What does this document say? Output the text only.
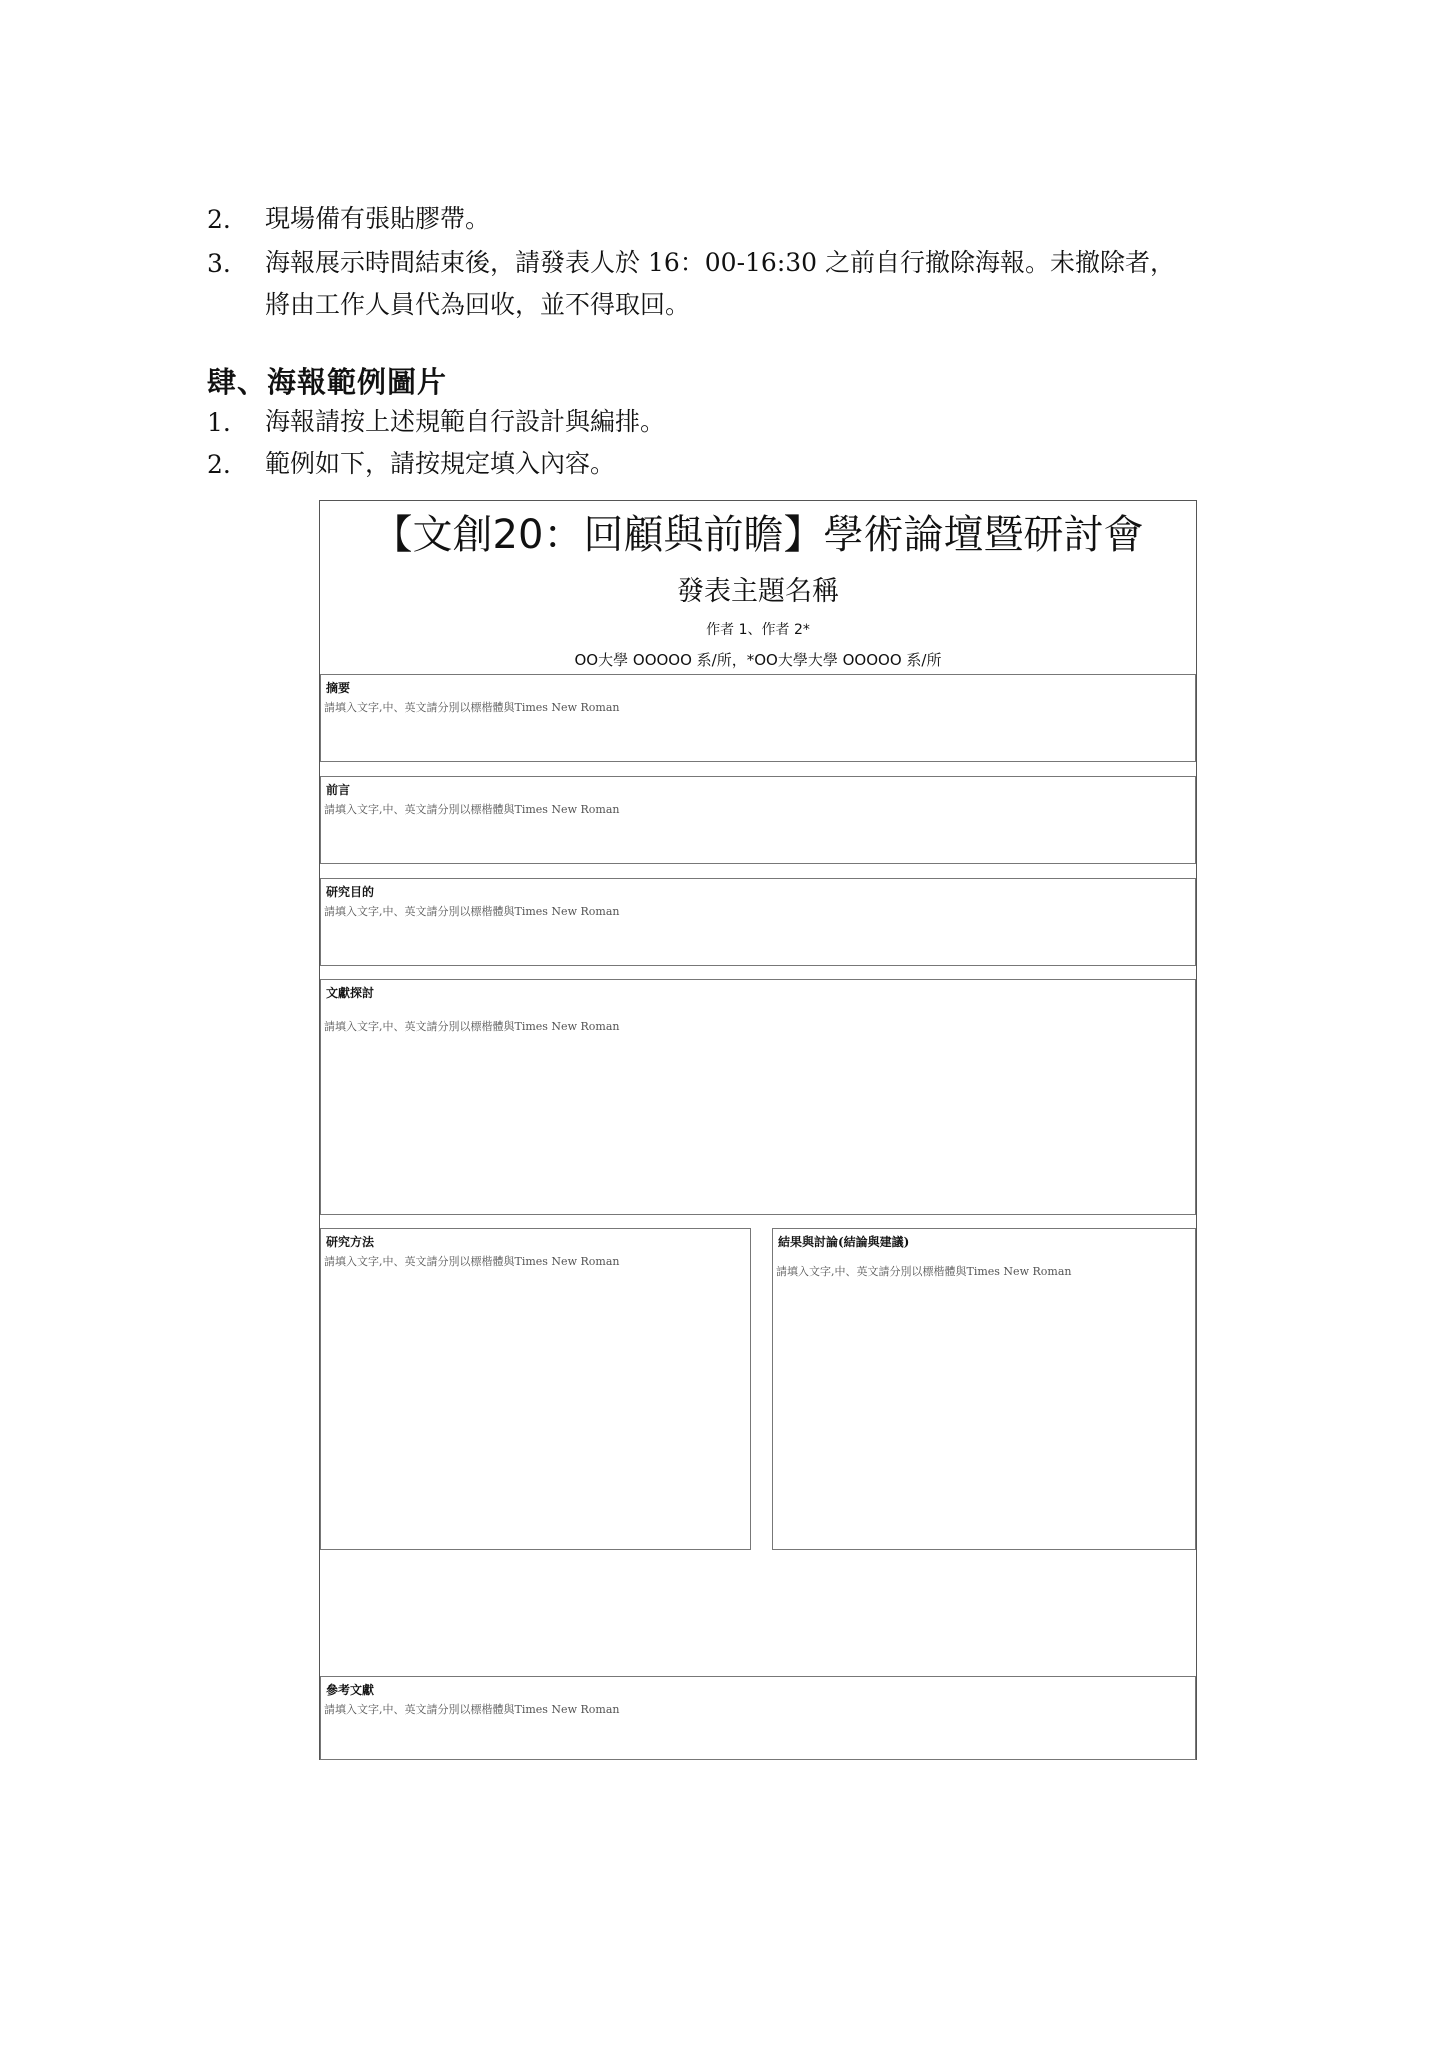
2. 現場備有張貼膠帶。
3. 海報展示時間結束後，請發表人於 16：00-16:30 之前自行撤除海報。未撤除者，
將由工作人員代為回收，並不得取回。
肆、海報範例圖片
1. 海報請按上述規範自行設計與編排。
2. 範例如下，請按規定填入內容。
【文創20：回顧與前瞻】學術論壇暨研討會
發表主題名稱
作者 1、作者 2*
OO大學 OOOOO 系/所，*OO大學大學 OOOOO 系/所
摘要
請填入文字,中、英文請分別以標楷體與Times New Roman
前言
請填入文字,中、英文請分別以標楷體與Times New Roman
研究目的
請填入文字,中、英文請分別以標楷體與Times New Roman
文獻探討
請填入文字,中、英文請分別以標楷體與Times New Roman
研究方法
請填入文字,中、英文請分別以標楷體與Times New Roman
結果與討論(結論與建議)
請填入文字,中、英文請分別以標楷體與Times New Roman
參考文獻
請填入文字,中、英文請分別以標楷體與Times New Roman
